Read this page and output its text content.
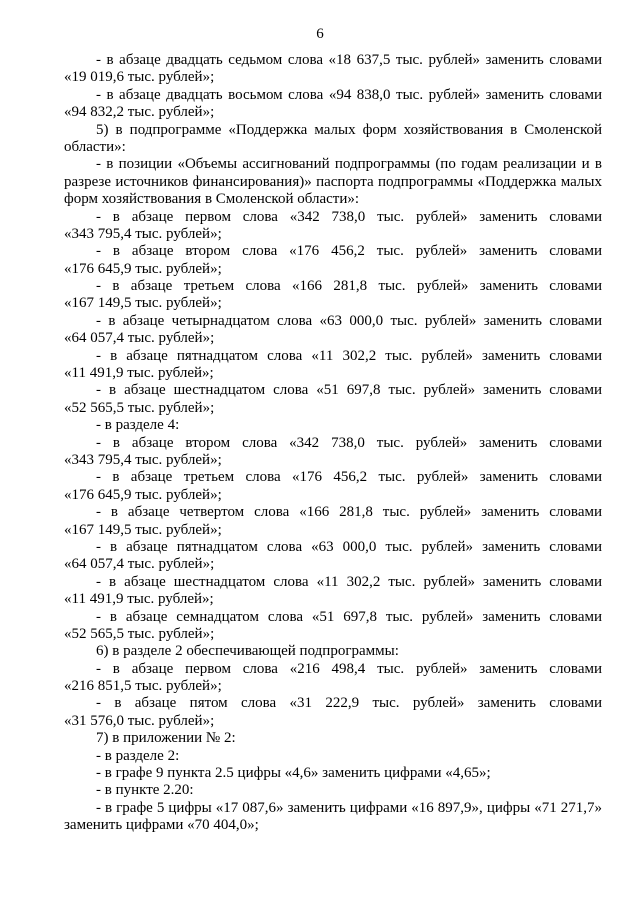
6
- в абзаце двадцать седьмом слова «18 637,5 тыс. рублей» заменить словами
«19 019,6 тыс. рублей»;
- в абзаце двадцать восьмом слова «94 838,0 тыс. рублей» заменить словами
«94 832,2 тыс. рублей»;
5) в подпрограмме «Поддержка малых форм хозяйствования в Смоленской
области»:
- в позиции «Объемы ассигнований подпрограммы (по годам реализации и в
разрезе источников финансирования)» паспорта подпрограммы «Поддержка малых
форм хозяйствования в Смоленской области»:
- в абзаце первом слова «342 738,0 тыс. рублей» заменить словами
«343 795,4 тыс. рублей»;
- в абзаце втором слова «176 456,2 тыс. рублей» заменить словами
«176 645,9 тыс. рублей»;
- в абзаце третьем слова «166 281,8 тыс. рублей» заменить словами
«167 149,5 тыс. рублей»;
- в абзаце четырнадцатом слова «63 000,0 тыс. рублей» заменить словами
«64 057,4 тыс. рублей»;
- в абзаце пятнадцатом слова «11 302,2 тыс. рублей» заменить словами
«11 491,9 тыс. рублей»;
- в абзаце шестнадцатом слова «51 697,8 тыс. рублей» заменить словами
«52 565,5 тыс. рублей»;
- в разделе 4:
- в абзаце втором слова «342 738,0 тыс. рублей» заменить словами
«343 795,4 тыс. рублей»;
- в абзаце третьем слова «176 456,2 тыс. рублей» заменить словами
«176 645,9 тыс. рублей»;
- в абзаце четвертом слова «166 281,8 тыс. рублей» заменить словами
«167 149,5 тыс. рублей»;
- в абзаце пятнадцатом слова «63 000,0 тыс. рублей» заменить словами
«64 057,4 тыс. рублей»;
- в абзаце шестнадцатом слова «11 302,2 тыс. рублей» заменить словами
«11 491,9 тыс. рублей»;
- в абзаце семнадцатом слова «51 697,8 тыс. рублей» заменить словами
«52 565,5 тыс. рублей»;
6) в разделе 2 обеспечивающей подпрограммы:
- в абзаце первом слова «216 498,4 тыс. рублей» заменить словами
«216 851,5 тыс. рублей»;
- в абзаце пятом слова «31 222,9 тыс. рублей» заменить словами
«31 576,0 тыс. рублей»;
7) в приложении № 2:
- в разделе 2:
- в графе 9 пункта 2.5 цифры «4,6» заменить цифрами «4,65»;
- в пункте 2.20:
- в графе 5 цифры «17 087,6» заменить цифрами «16 897,9», цифры «71 271,7»
заменить цифрами «70 404,0»;
